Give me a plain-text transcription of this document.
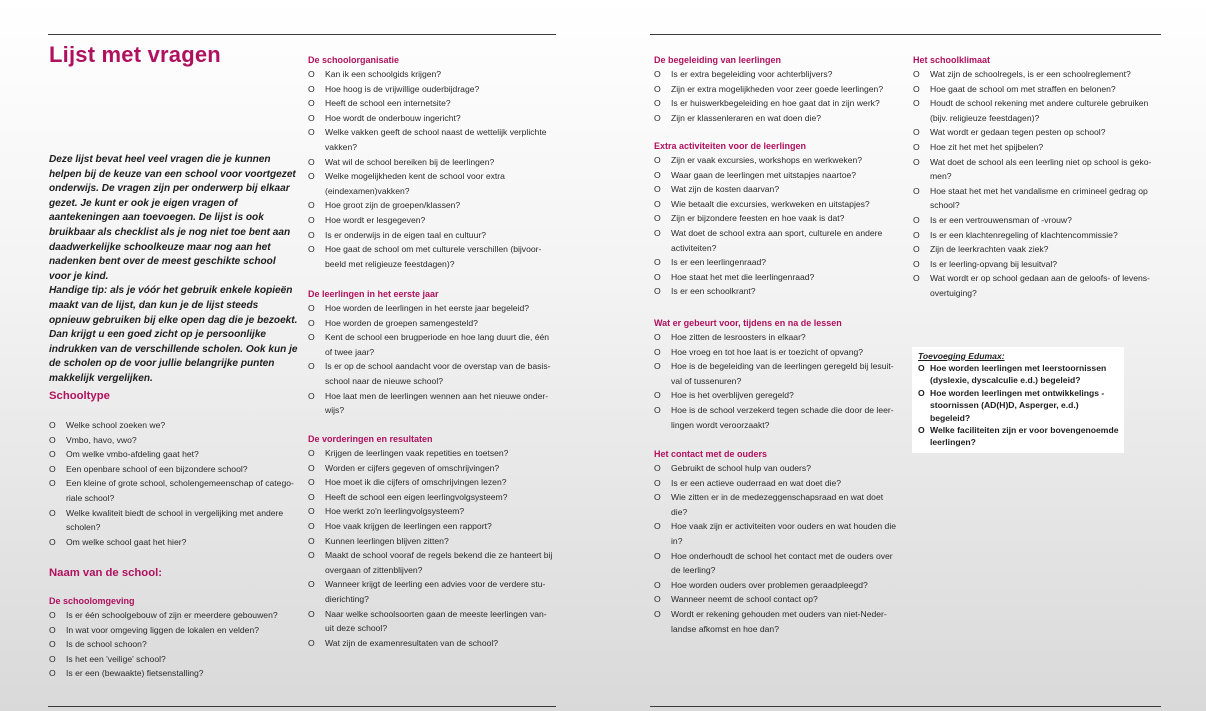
Lijst met vragen

Deze lijst bevat heel veel vragen die je kunnen helpen bij de keuze van een school voor voortgezet onderwijs. De vragen zijn per onderwerp bij elkaar gezet. Je kunt er ook je eigen vragen of aantekeningen aan toevoegen. De lijst is ook bruikbaar als checklist als je nog niet toe bent aan daadwerkelijke schoolkeuze maar nog aan het nadenken bent over de meest geschikte school voor je kind.

Handige tip: als je vóór het gebruik enkele kopieën maakt van de lijst, dan kun je de lijst steeds opnieuw gebruiken bij elke open dag die je bezoekt. Dan krijgt u een goed zicht op je persoonlijke indrukken van de verschillende scholen. Ook kun je de scholen op de voor jullie belangrijke punten makkelijk vergelijken.

Schooltype
O Welke school zoeken we?
O Vmbo, havo, vwo?
O Om welke vmbo-afdeling gaat het?
O Een openbare school of een bijzondere school?
O Een kleine of grote school, scholengemeenschap of catego-
riale school?
O Welke kwaliteit biedt de school in vergelijking met andere
scholen?
O Om welke school gaat het hier?
Naam van de school:
De schoolomgeving
O Is er één schoolgebouw of zijn er meerdere gebouwen?
O In wat voor omgeving liggen de lokalen en velden?
O Is de school schoon?
O Is het een 'veilige' school?
O Is er een (bewaakte) fietsenstalling?
De schoolorganisatie
O Kan ik een schoolgids krijgen?
O Hoe hoog is de vrijwillige ouderbijdrage?
O Heeft de school een internetsite?
O Hoe wordt de onderbouw ingericht?
O Welke vakken geeft de school naast de wettelijk verplichte
vakken?
O Wat wil de school bereiken bij de leerlingen?
O Welke mogelijkheden kent de school voor extra
(eindexamen)vakken?
O Hoe groot zijn de groepen/klassen?
O Hoe wordt er lesgegeven?
O Is er onderwijs in de eigen taal en cultuur?
O Hoe gaat de school om met culturele verschillen (bijvoor-
beeld met religieuze feestdagen)?
De leerlingen in het eerste jaar
O Hoe worden de leerlingen in het eerste jaar begeleid?
O Hoe worden de groepen samengesteld?
O Kent de school een brugperiode en hoe lang duurt die, één
of twee jaar?
O Is er op de school aandacht voor de overstap van de basis-
school naar de nieuwe school?
O Hoe laat men de leerlingen wennen aan het nieuwe onder-
wijs?
De vorderingen en resultaten
O Krijgen de leerlingen vaak repetities en toetsen?
O Worden er cijfers gegeven of omschrijvingen?
O Hoe moet ik die cijfers of omschrijvingen lezen?
O Heeft de school een eigen leerlingvolgsysteem?
O Hoe werkt zo'n leerlingvolgsysteem?
O Hoe vaak krijgen de leerlingen een rapport?
O Kunnen leerlingen blijven zitten?
O Maakt de school vooraf de regels bekend die ze hanteert bij
overgaan of zittenblijven?
O Wanneer krijgt de leerling een advies voor de verdere stu-
dierichting?
O Naar welke schoolsoorten gaan de meeste leerlingen van-
uit deze school?
O Wat zijn de examenresultaten van de school?
De begeleiding van leerlingen
O Is er extra begeleiding voor achterblijvers?
O Zijn er extra mogelijkheden voor zeer goede leerlingen?
O Is er huiswerkbegeleiding en hoe gaat dat in zijn werk?
O Zijn er klassenleraren en wat doen die?
Extra activiteiten voor de leerlingen
O Zijn er vaak excursies, workshops en werkweken?
O Waar gaan de leerlingen met uitstapjes naartoe?
O Wat zijn de kosten daarvan?
O Wie betaalt die excursies, werkweken en uitstapjes?
O Zijn er bijzondere feesten en hoe vaak is dat?
O Wat doet de school extra aan sport, culturele en andere
activiteiten?
O Is er een leerlingenraad?
O Hoe staat het met die leerlingenraad?
O Is er een schoolkrant?
Wat er gebeurt voor, tijdens en na de lessen
O Hoe zitten de lesroosters in elkaar?
O Hoe vroeg en tot hoe laat is er toezicht of opvang?
O Hoe is de begeleiding van de leerlingen geregeld bij lesuit-
val of tussenuren?
O Hoe is het overblijven geregeld?
O Hoe is de school verzekerd tegen schade die door de leer-
lingen wordt veroorzaakt?
Het contact met de ouders
O Gebruikt de school hulp van ouders?
O Is er een actieve ouderraad en wat doet die?
O Wie zitten er in de medezeggenschapsraad en wat doet
die?
O Hoe vaak zijn er activiteiten voor ouders en wat houden die
in?
O Hoe onderhoudt de school het contact met de ouders over
de leerling?
O Hoe worden ouders over problemen geraadpleegd?
O Wanneer neemt de school contact op?
O Wordt er rekening gehouden met ouders van niet-Neder-
landse afkomst en hoe dan?
Het schoolklimaat
O Wat zijn de schoolregels, is er een schoolreglement?
O Hoe gaat de school om met straffen en belonen?
O Houdt de school rekening met andere culturele gebruiken
(bijv. religieuze feestdagen)?
O Wat wordt er gedaan tegen pesten op school?
O Hoe zit het met het spijbelen?
O Wat doet de school als een leerling niet op school is geko-
men?
O Hoe staat het met het vandalisme en crimineel gedrag op
school?
O Is er een vertrouwensman of -vrouw?
O Is er een klachtenregeling of klachtencommissie?
O Zijn de leerkrachten vaak ziek?
O Is er leerling-opvang bij lesuitval?
O Wat wordt er op school gedaan aan de geloofs- of levens-
overtuiging?
Toevoeging Edumax:
O Hoe worden leerlingen met leerstoornissen
(dyslexie, dyscalculie e.d.) begeleid?
O Hoe worden leerlingen met ontwikkelings -
stoornissen (AD(H)D, Asperger, e.d.) begeleid?
O Welke faciliteiten zijn er voor bovengenoemde
leerlingen?
